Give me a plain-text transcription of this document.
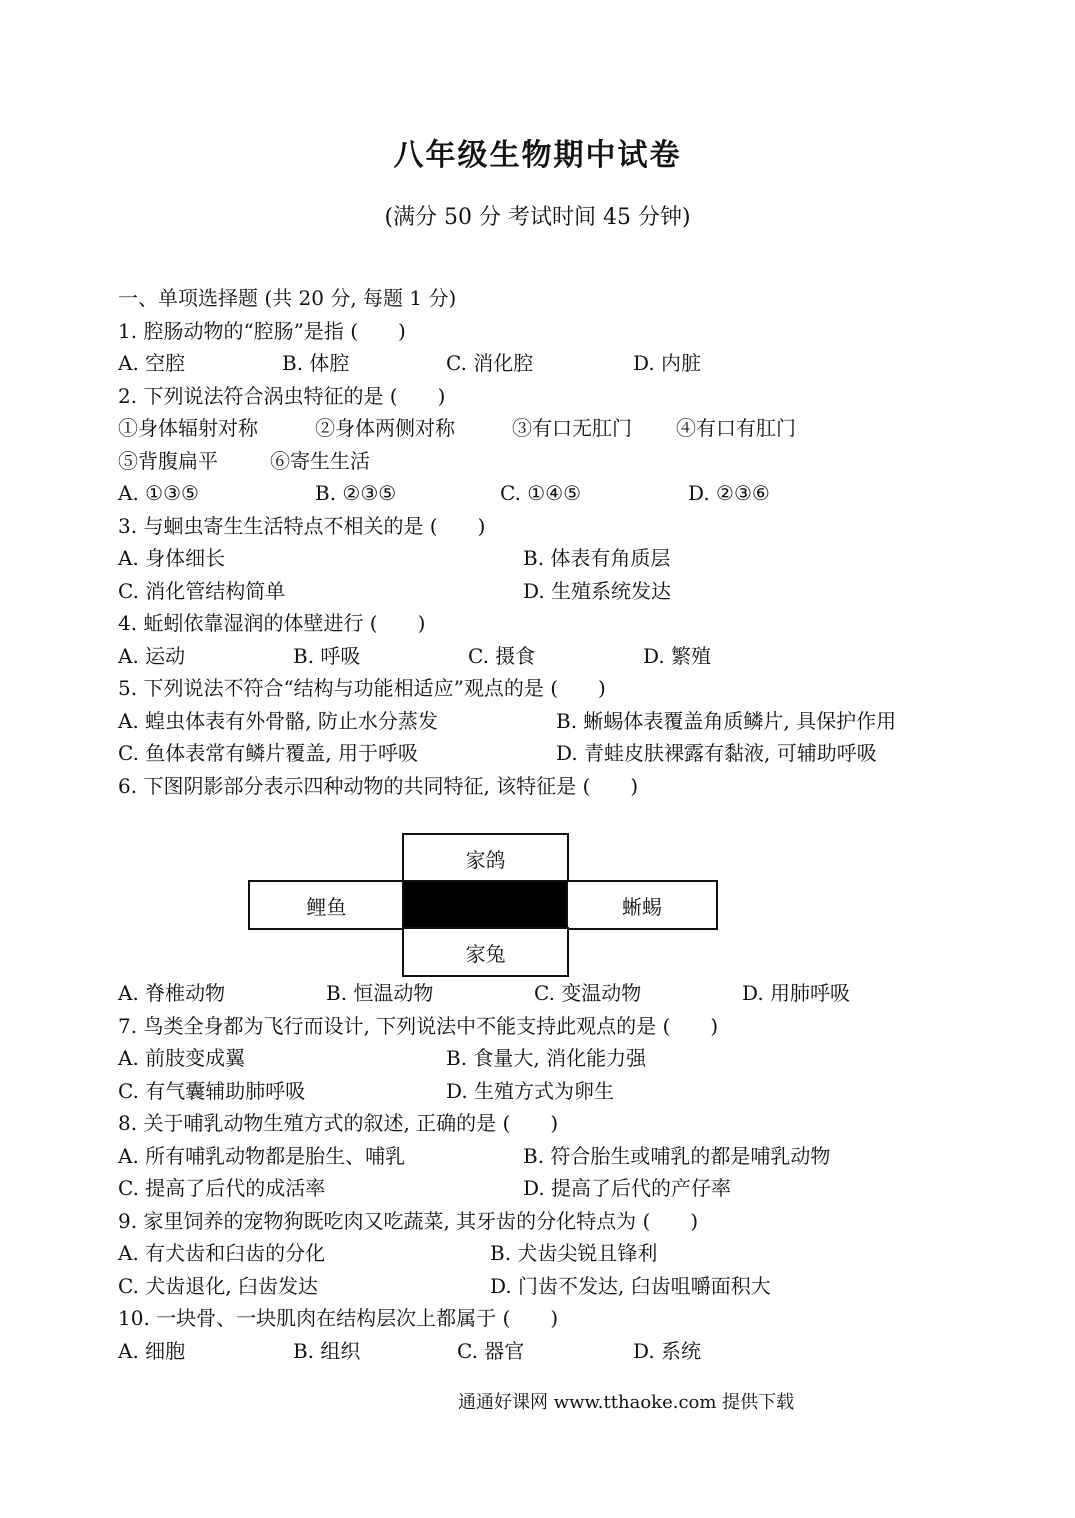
八年级生物期中试卷
(满分 50 分 考试时间 45 分钟)
一、单项选择题 (共 20 分, 每题 1 分)
1. 腔肠动物的“腔肠”是指 (　　)
A. 空腔	B. 体腔	C. 消化腔	D. 内脏
2. 下列说法符合涡虫特征的是 (　　)
①身体辐射对称	②身体两侧对称	③有口无肛门 ④有口有肛门
⑤背腹扁平	⑥寄生生活
A. ①③⑤	B. ②③⑤	C. ①④⑤	D. ②③⑥
3. 与蛔虫寄生生活特点不相关的是 (　　)
A. 身体细长	B. 体表有角质层
C. 消化管结构简单	D. 生殖系统发达
4. 蚯蚓依靠湿润的体壁进行 (　　)
A. 运动	B. 呼吸	C. 摄食	D. 繁殖
5. 下列说法不符合“结构与功能相适应”观点的是 (　　)
A. 蝗虫体表有外骨骼, 防止水分蒸发	B. 蜥蜴体表覆盖角质鳞片, 具保护作用
C. 鱼体表常有鳞片覆盖, 用于呼吸	D. 青蛙皮肤裸露有黏液, 可辅助呼吸
6. 下图阴影部分表示四种动物的共同特征, 该特征是 (　　)
家鸽
鲤鱼	蜥蜴
家兔
A. 脊椎动物	B. 恒温动物	C. 变温动物	D. 用肺呼吸
7. 鸟类全身都为飞行而设计, 下列说法中不能支持此观点的是 (　　)
A. 前肢变成翼	B. 食量大, 消化能力强
C. 有气囊辅助肺呼吸	D. 生殖方式为卵生
8. 关于哺乳动物生殖方式的叙述, 正确的是 (　　)
A. 所有哺乳动物都是胎生、哺乳	B. 符合胎生或哺乳的都是哺乳动物
C. 提高了后代的成活率	D. 提高了后代的产仔率
9. 家里饲养的宠物狗既吃肉又吃蔬菜, 其牙齿的分化特点为 (　　)
A. 有犬齿和臼齿的分化	B. 犬齿尖锐且锋利
C. 犬齿退化, 臼齿发达	D. 门齿不发达, 臼齿咀嚼面积大
10. 一块骨、一块肌肉在结构层次上都属于 (　　)
A. 细胞	B. 组织	C. 器官	D. 系统
通通好课网 www.tthaoke.com 提供下载
